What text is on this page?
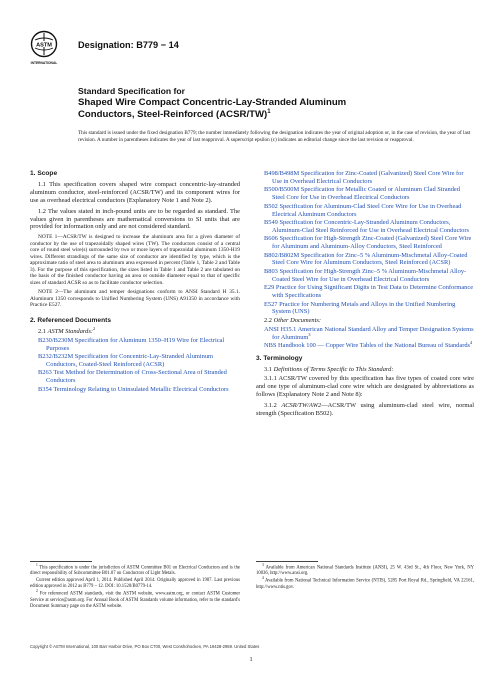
ASTM
INTERNATIONAL
Designation: B779 − 14
Standard Specification for
Shaped Wire Compact Concentric-Lay-Stranded Aluminum
Conductors, Steel-Reinforced (ACSR/TW)$^1$
This standard is issued under the fixed designation B779; the number immediately following the designation indicates the year of original adoption or, in the case of revision, the year of last revision. A number in parentheses indicates the year of last reapproval. A superscript epsilon (ε) indicates an editorial change since the last revision or reapproval.
1. Scope

1.1 This specification covers shaped wire compact concentric-lay-stranded aluminum conductor, steel-reinforced (ACSR/TW) and its component wires for use as overhead electrical conductors (Explanatory Note 1 and Note 2).

1.2 The values stated in inch-pound units are to be regarded as standard. The values given in parentheses are mathematical conversions to SI units that are provided for information only and are not considered standard.

NOTE 1—ACSR/TW is designed to increase the aluminum area for a given diameter of conductor by the use of trapezoidally shaped wires (TW). The conductors consist of a central core of round steel wire(s) surrounded by two or more layers of trapezoidal aluminum 1350-H19 wires. Different strandings of the same size of conductor are identified by type, which is the approximate ratio of steel area to aluminum area expressed in percent (Table 1, Table 2 and Table 3). For the purpose of this specification, the sizes listed in Table 1 and Table 2 are tabulated on the basis of the finished conductor having an area or outside diameter equal to that of specific sizes of standard ACSR so as to facilitate conductor selection.

NOTE 2—The aluminum and temper designations conform to ANSI Standard H 35.1. Aluminum 1350 corresponds to Unified Numbering System (UNS) A91350 in accordance with Practice E527.

2. Referenced Documents

2.1 ASTM Standards:$^2$

B230/B230M Specification for Aluminum 1350–H19 Wire for Electrical Purposes

B232/B232M Specification for Concentric-Lay-Stranded Aluminum Conductors, Coated-Steel Reinforced (ACSR)

B263 Test Method for Determination of Cross-Sectional Area of Stranded Conductors

B354 Terminology Relating to Uninsulated Metallic Electrical Conductors

B498/B498M Specification for Zinc-Coated (Galvanized) Steel Core Wire for Use in Overhead Electrical Conductors

B500/B500M Specification for Metallic Coated or Aluminum Clad Stranded Steel Core for Use in Overhead Electrical Conductors

B502 Specification for Aluminum-Clad Steel Core Wire for Use in Overhead Electrical Aluminum Conductors

B549 Specification for Concentric-Lay-Stranded Aluminum Conductors, Aluminum-Clad Steel Reinforced for Use in Overhead Electrical Conductors

B606 Specification for High-Strength Zinc-Coated (Galvanized) Steel Core Wire for Aluminum and Aluminum-Alloy Conductors, Steel Reinforced

B802/B802M Specification for Zinc–5 % Aluminum-Mischmetal Alloy-Coated Steel Core Wire for Aluminum Conductors, Steel Reinforced (ACSR)

B803 Specification for High-Strength Zinc–5 % Aluminum-Mischmetal Alloy-Coated Steel Wire for Use in Overhead Electrical Conductors

E29 Practice for Using Significant Digits in Test Data to Determine Conformance with Specifications

E527 Practice for Numbering Metals and Alloys in the Unified Numbering System (UNS)

2.2 Other Documents:

ANSI H35.1 American National Standard Alloy and Temper Designation Systems for Aluminum$^3$

NBS Handbook 100 — Copper Wire Tables of the National Bureau of Standards$^4$

3. Terminology

3.1 Definitions of Terms Specific to This Standard:

3.1.1 ACSR/TW covered by this specification has five types of coated core wire and one type of aluminum-clad core wire which are designated by abbreviations as follows (Explanatory Note 2 and Note 8):

3.1.2 ACSR/TW/AW2—ACSR/TW using aluminum-clad steel wire, normal strength (Specification B502).

$^1$ This specification is under the jurisdiction of ASTM Committee B01 on Electrical Conductors and is the direct responsibility of Subcommittee B01.07 on Conductors of Light Metals.

Current edition approved April 1, 2014. Published April 2014. Originally approved in 1987. Last previous edition approved in 2012 as B779 – 12. DOI: 10.1520/B0779-14.

$^2$ For referenced ASTM standards, visit the ASTM website, www.astm.org, or contact ASTM Customer Service at service@astm.org. For Annual Book of ASTM Standards volume information, refer to the standard's Document Summary page on the ASTM website.

$^3$ Available from American National Standards Institute (ANSI), 25 W. 43rd St., 4th Floor, New York, NY 10036, http://www.ansi.org.

$^4$ Available from National Technical Information Service (NTIS), 5285 Port Royal Rd., Springfield, VA 22161, http://www.ntis.gov.

Copyright © ASTM International, 100 Barr Harbor Drive, PO Box C700, West Conshohocken, PA 19428-2959. United States
1
